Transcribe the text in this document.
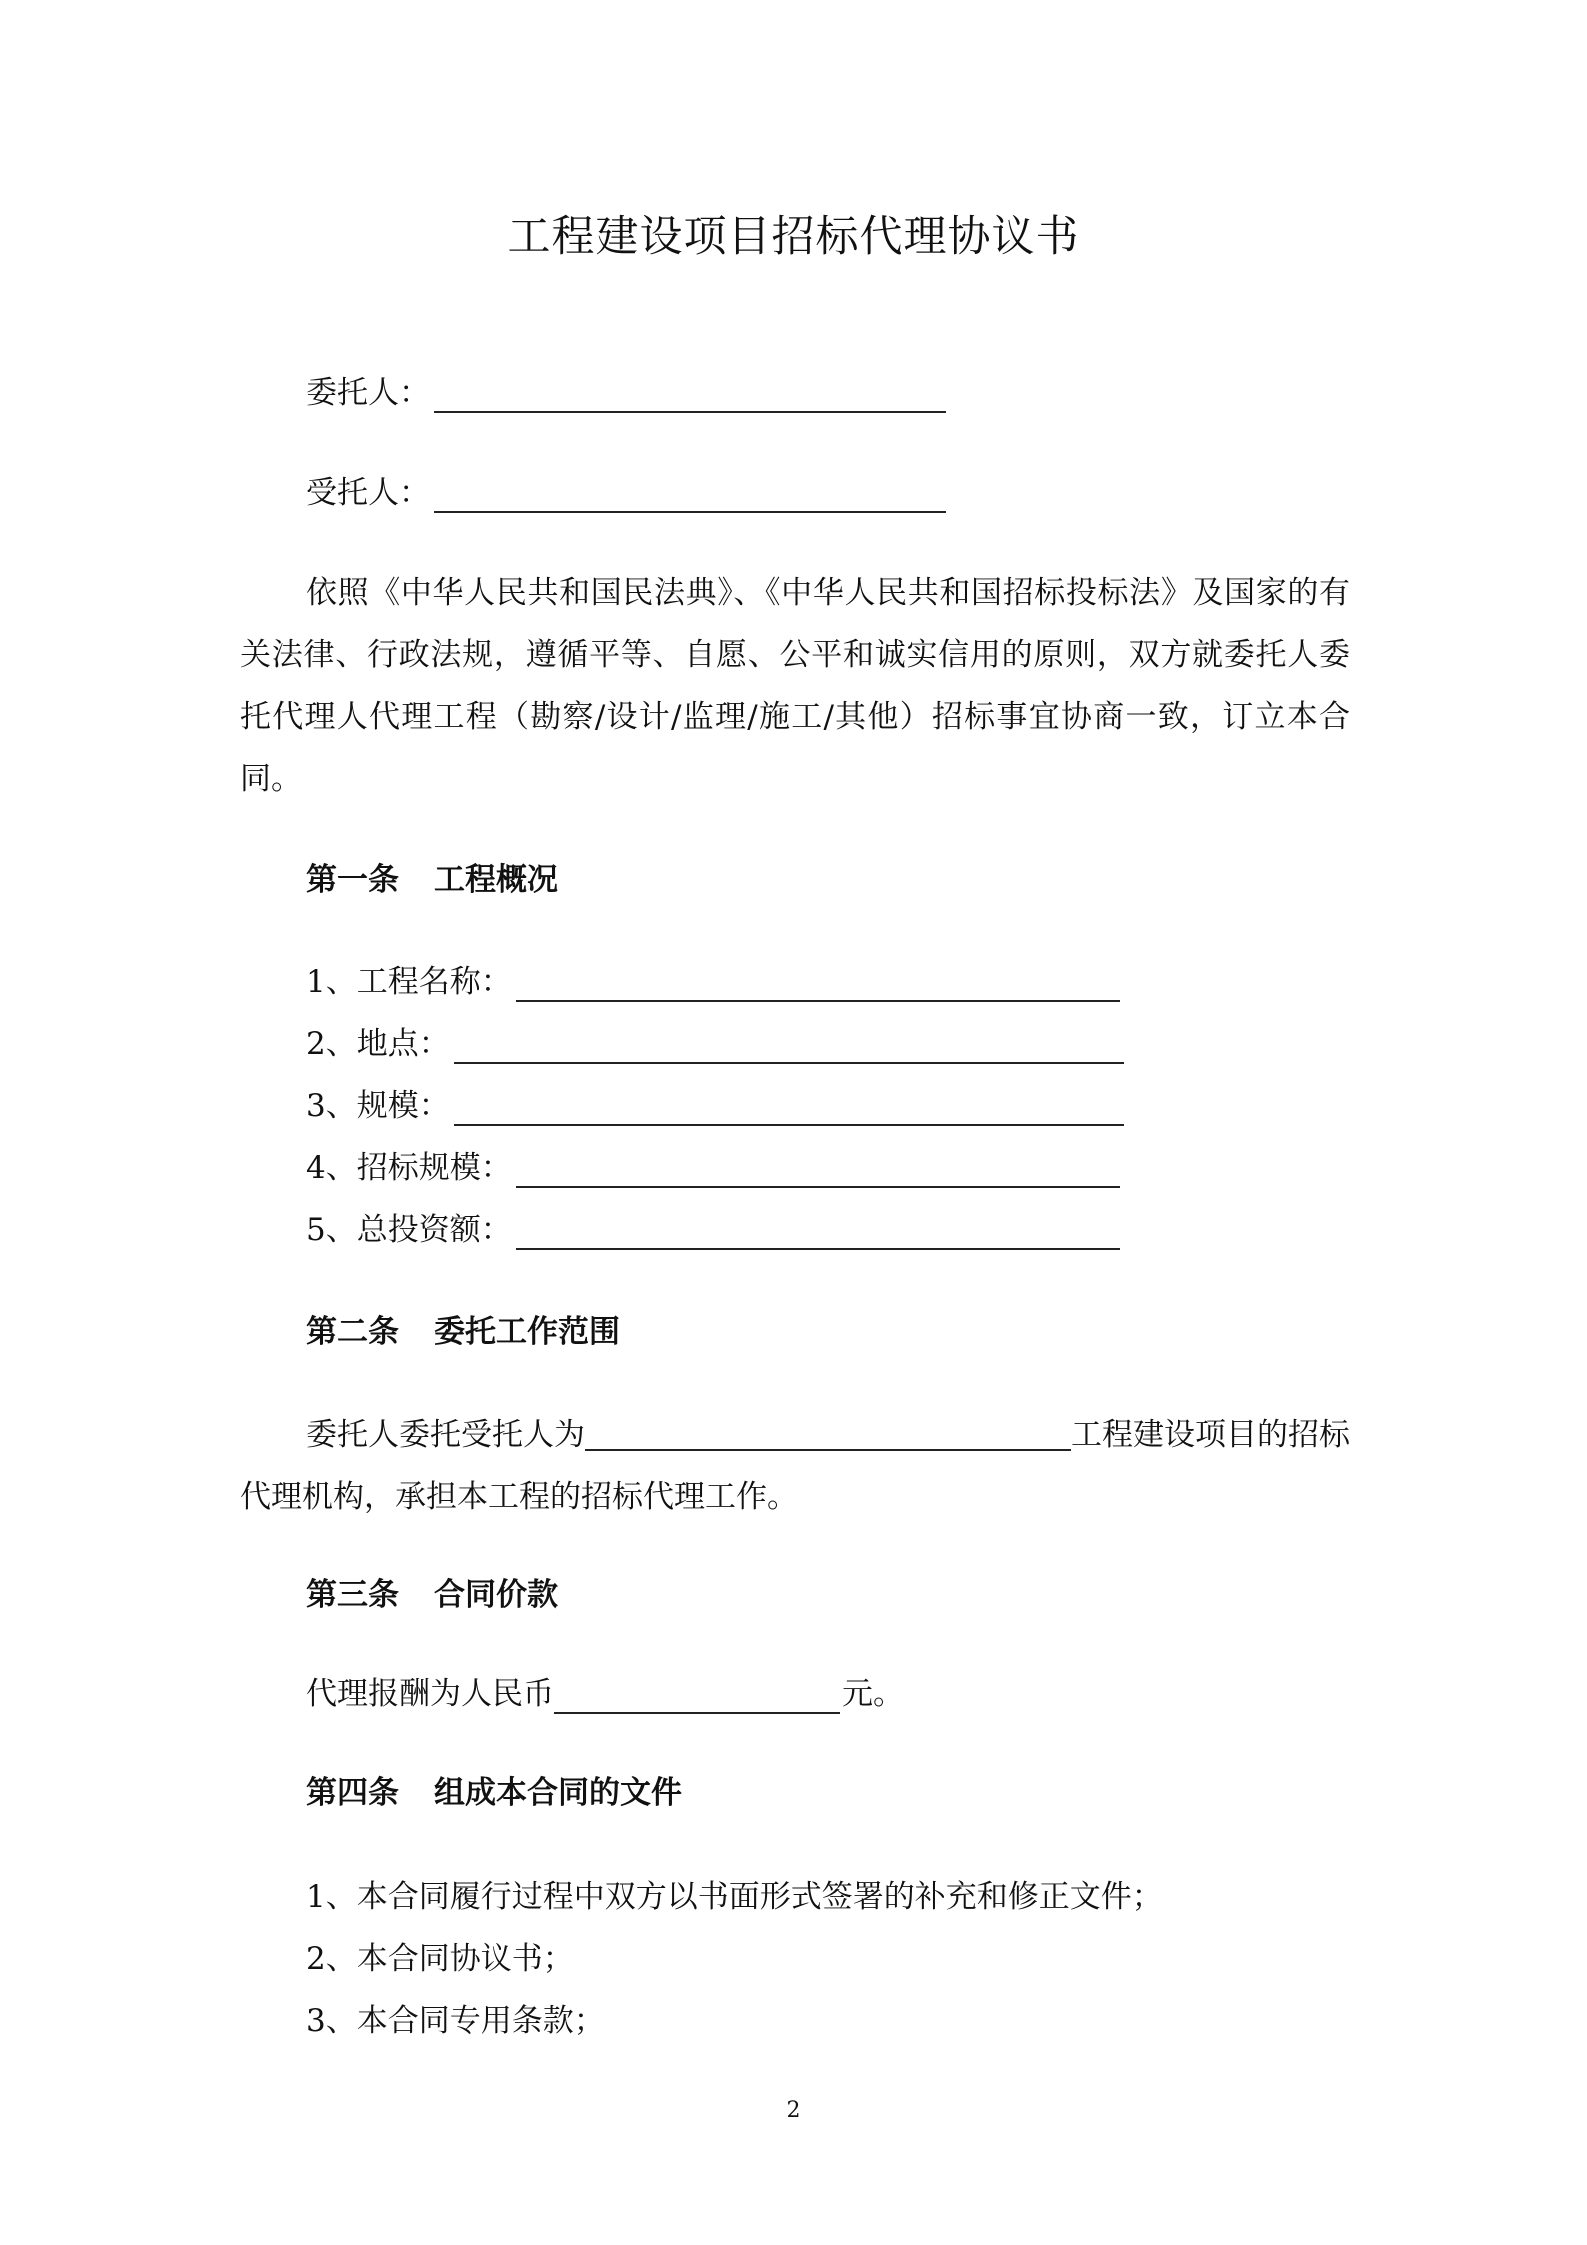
工程建设项目招标代理协议书
委托人：
受托人：

依照《中华人民共和国民法典》、《中华人民共和国招标投标法》及国家的有关法律、行政法规，遵循平等、自愿、公平和诚实信用的原则，双方就委托人委托代理人代理工程（勘察/设计/监理/施工/其他）招标事宜协商一致，订立本合同。

第一条 工程概况
1、工程名称：
2、地点：
3、规模：
4、招标规模：
5、总投资额：
第二条 委托工作范围

委托人委托受托人为	工程建设项目的招标代理机构，承担本工程的招标代理工作。

第三条 合同价款
代理报酬为人民币	元。
第四条 组成本合同的文件
1、本合同履行过程中双方以书面形式签署的补充和修正文件；
2、本合同协议书；
3、本合同专用条款；
2
